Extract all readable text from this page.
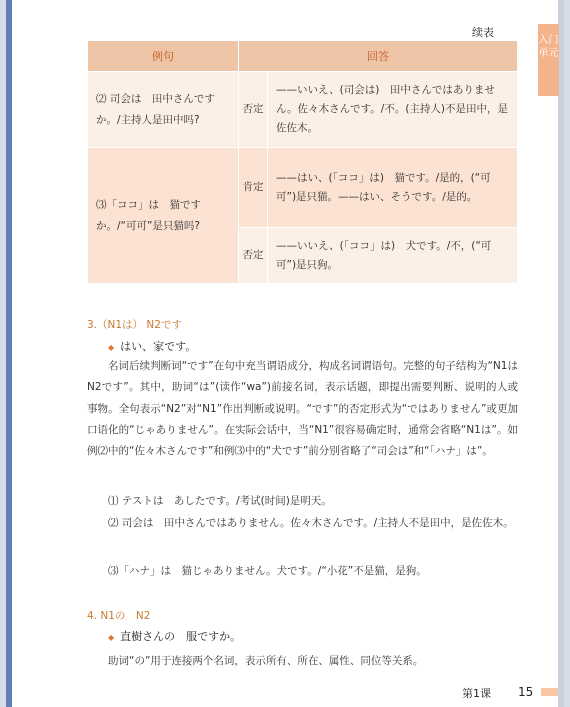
续表
入门单元
例句	回答	
⑵ 司会は　田中さんですか。/主持人是田中吗?	否定	——いいえ、(司会は)　田中さんではありません。佐々木さんです。/不。(主持人)不是田中，是佐佐木。
⑶「ココ」は　猫ですか。/“可可”是只猫吗?	肯定	——はい、(「ココ」は)　猫です。/是的，(“可可”)是只猫。——はい、そうです。/是的。
	否定	——いいえ、(「ココ」は)　犬です。/不，(“可可”)是只狗。
3.（N1は） N2です
◆ はい、家です。
名词后续判断词“です”在句中充当谓语成分，构成名词谓语句。完整的句子结构为“N1はN2です”。其中，助词“は”(读作“wa”)前接名词，表示话题，即提出需要判断、说明的人或事物。全句表示“N2”对“N1”作出判断或说明。“です”的否定形式为“ではありません”或更加口语化的“じゃありません”。在实际会话中，当“N1”很容易确定时，通常会省略“N1は”。如例⑵中的“佐々木さんです”和例⑶中的“犬です”前分别省略了“司会は”和“「ハナ」は”。
⑴ テストは　あしたです。/考试(时间)是明天。
⑵ 司会は　田中さんではありません。佐々木さんです。/主持人不是田中，是佐佐木。
⑶「ハナ」は　猫じゃありません。犬です。/“小花”不是猫，是狗。
4. N1の　N2
◆ 直樹さんの　服ですか。
助词“の”用于连接两个名词，表示所有、所在、属性、同位等关系。
第1课 15
